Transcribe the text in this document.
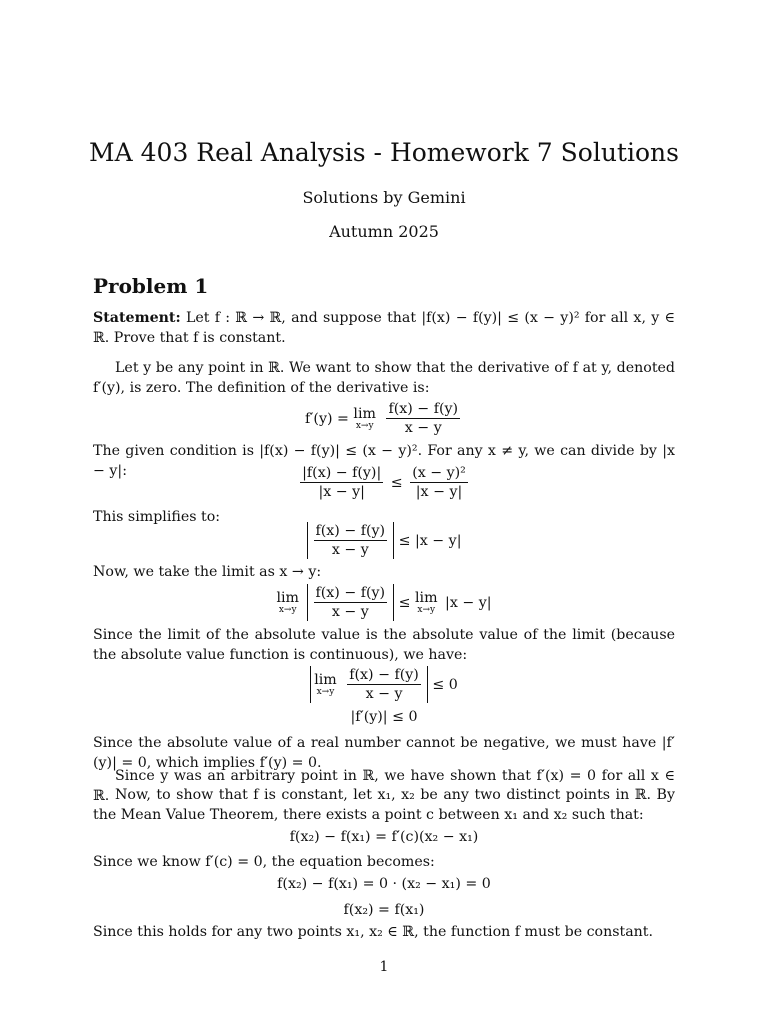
MA 403 Real Analysis - Homework 7 Solutions
Solutions by Gemini
Autumn 2025
Problem 1
Statement: Let f : ℝ → ℝ, and suppose that |f(x) − f(y)| ≤ (x − y)² for all x, y ∈ ℝ. Prove that f is constant.
Let y be any point in ℝ. We want to show that the derivative of f at y, denoted f′(y), is zero. The definition of the derivative is:
f′(y) = lim
x→y
$\frac{f(x) - f(y)}{x - y}$
The given condition is |f(x) − f(y)| ≤ (x − y)². For any x ≠ y, we can divide by |x − y|:	$\frac{|f(x) - f(y)|}{|x - y|} \le \frac{\text{(x − y)²}}{|x - y|}$
This simplifies to:
$\frac{f(x) - f(y)}{x - y} \le |x - y|$
Now, we take the limit as x → y:
lim
x→y
$\frac{f(x) - f(y)}{x - y} \le \lim$
x→y |x − y|
Since the limit of the absolute value is the absolute value of the limit (because the absolute value function is continuous), we have:
lim
x→y
$\frac{f(x) - f(y)}{x - y} \le 0$
|f′(y)| ≤ 0
Since the absolute value of a real number cannot be negative, we must have |f′(y)| = 0, which implies f′(y) = 0.
Since y was an arbitrary point in ℝ, we have shown that f′(x) = 0 for all x ∈ ℝ. Now, to show that f is constant, let x₁, x₂ be any two distinct points in ℝ. By the Mean Value Theorem, there exists a point c between x₁ and x₂ such that:
f(x₂) − f(x₁) = f′(c)(x₂ − x₁)
Since we know f′(c) = 0, the equation becomes:
f(x₂) − f(x₁) = 0 · (x₂ − x₁) = 0
f(x₂) = f(x₁)
Since this holds for any two points x₁, x₂ ∈ ℝ, the function f must be constant.
1
